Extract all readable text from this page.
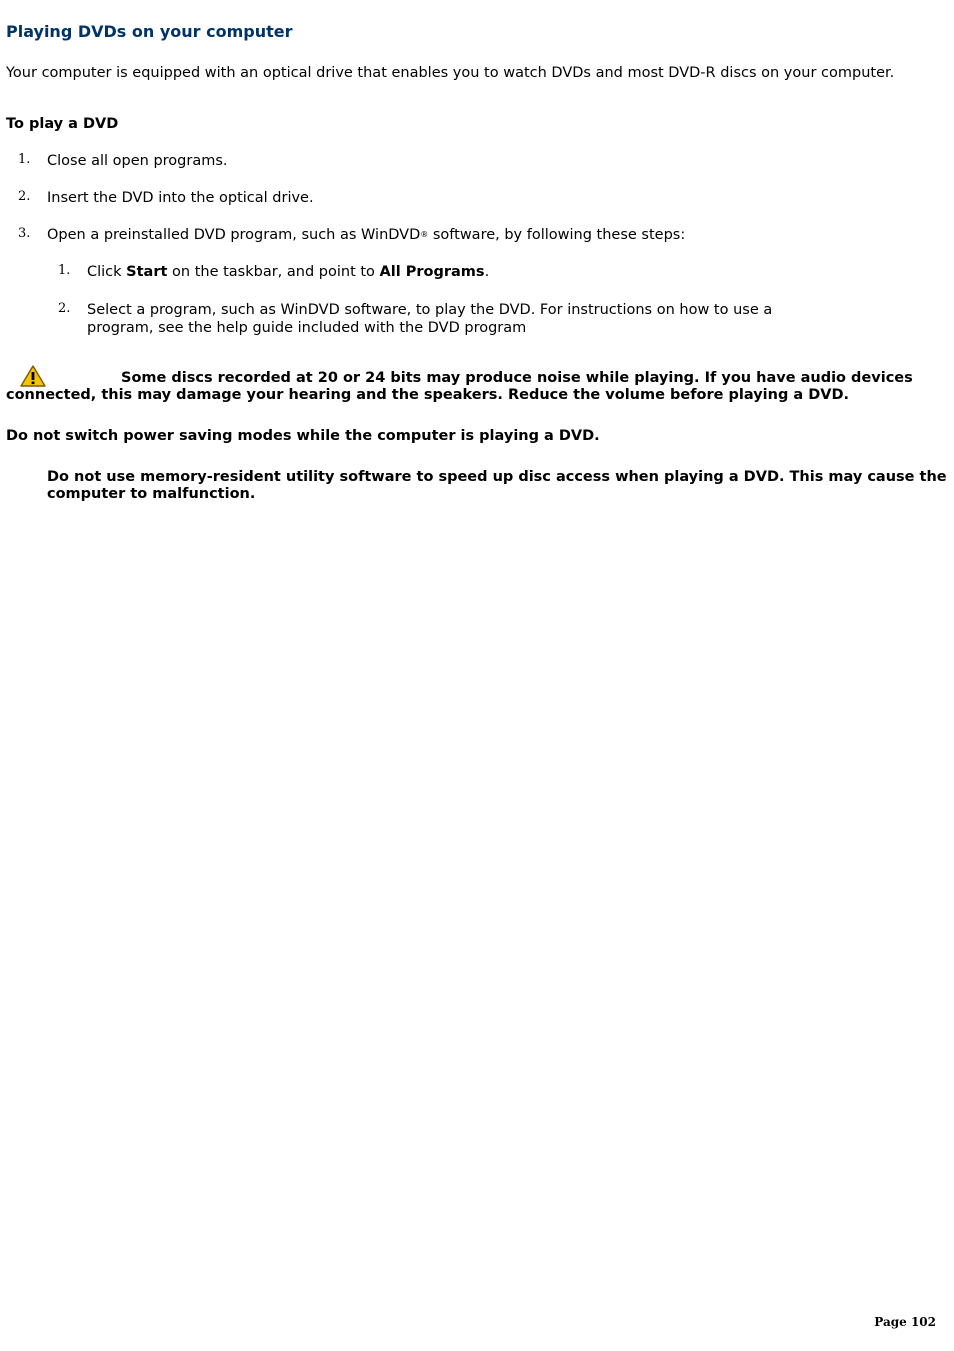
Playing DVDs on your computer
Your computer is equipped with an optical drive that enables you to watch DVDs and most DVD-R discs on your computer.
To play a DVD
1. Close all open programs.
2. Insert the DVD into the optical drive.
3. Open a preinstalled DVD program, such as WinDVD® software, by following these steps:
1. Click Start on the taskbar, and point to All Programs.
2. Select a program, such as WinDVD software, to play the DVD. For instructions on how to use a
program, see the help guide included with the DVD program
Some discs recorded at 20 or 24 bits may produce noise while playing. If you have audio devices
connected, this may damage your hearing and the speakers. Reduce the volume before playing a DVD.
Do not switch power saving modes while the computer is playing a DVD.
Do not use memory-resident utility software to speed up disc access when playing a DVD. This may cause the
computer to malfunction.
Page 102
